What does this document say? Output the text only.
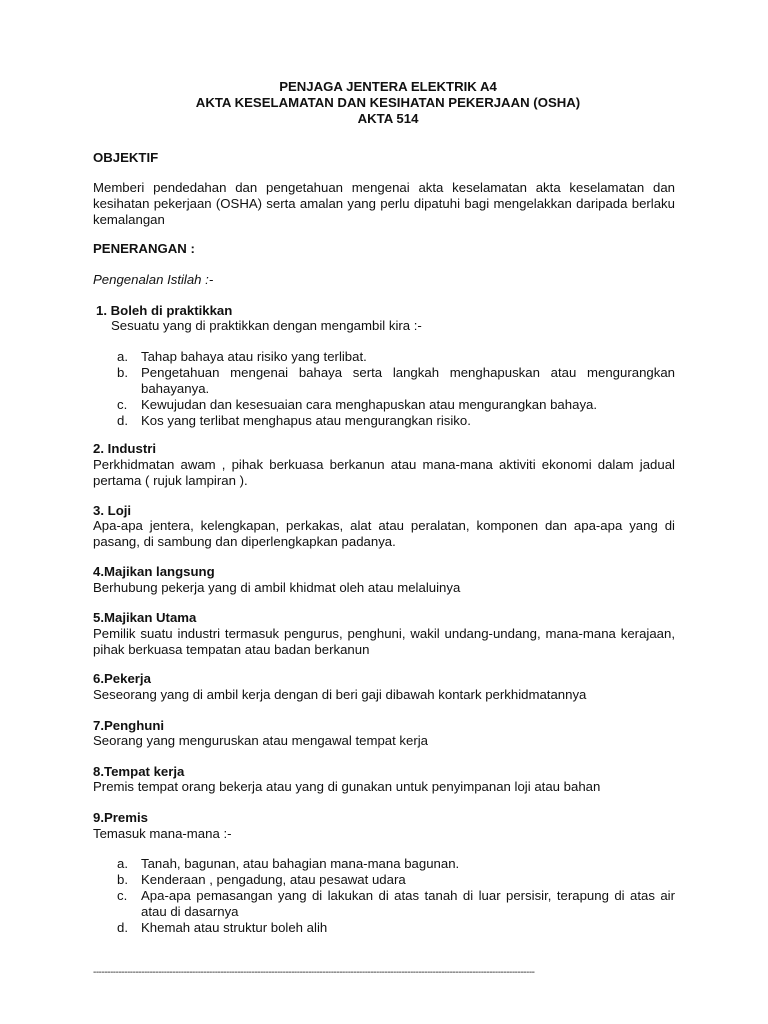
PENJAGA JENTERA ELEKTRIK A4
AKTA KESELAMATAN DAN KESIHATAN PEKERJAAN (OSHA)
AKTA 514
OBJEKTIF
Memberi pendedahan dan pengetahuan mengenai akta keselamatan akta keselamatan dan kesihatan pekerjaan (OSHA) serta amalan yang perlu dipatuhi bagi mengelakkan daripada berlaku kemalangan
PENERANGAN :
Pengenalan Istilah :-
1. Boleh di praktikkan
Sesuatu yang di praktikkan dengan mengambil kira :-
a. Tahap bahaya atau risiko yang terlibat.
b. Pengetahuan mengenai bahaya serta langkah menghapuskan atau mengurangkan bahayanya.
c. Kewujudan dan kesesuaian cara menghapuskan atau mengurangkan bahaya.
d. Kos yang terlibat menghapus atau mengurangkan risiko.
2. Industri
Perkhidmatan awam , pihak berkuasa berkanun atau mana-mana aktiviti ekonomi dalam jadual pertama ( rujuk lampiran ).
3. Loji
Apa-apa jentera, kelengkapan, perkakas, alat atau peralatan, komponen dan apa-apa yang di pasang, di sambung dan diperlengkapkan padanya.
4.Majikan langsung
Berhubung pekerja yang di ambil khidmat oleh atau melaluinya
5.Majikan Utama
Pemilik suatu industri termasuk pengurus, penghuni, wakil undang-undang, mana-mana kerajaan, pihak berkuasa tempatan atau badan berkanun
6.Pekerja
Seseorang yang di ambil kerja dengan di beri gaji dibawah kontark perkhidmatannya
7.Penghuni
Seorang yang menguruskan atau mengawal tempat kerja
8.Tempat kerja
Premis tempat orang bekerja atau yang di gunakan untuk penyimpanan loji atau bahan
9.Premis
Temasuk mana-mana :-
a. Tanah, bagunan, atau bahagian mana-mana bagunan.
b. Kenderaan , pengadung, atau pesawat udara
c. Apa-apa pemasangan yang di lakukan di atas tanah di luar persisir, terapung di atas air atau di dasarnya
d. Khemah atau struktur boleh alih
------------------------------------------------------------------------------------------------------------------------------------------------------------
